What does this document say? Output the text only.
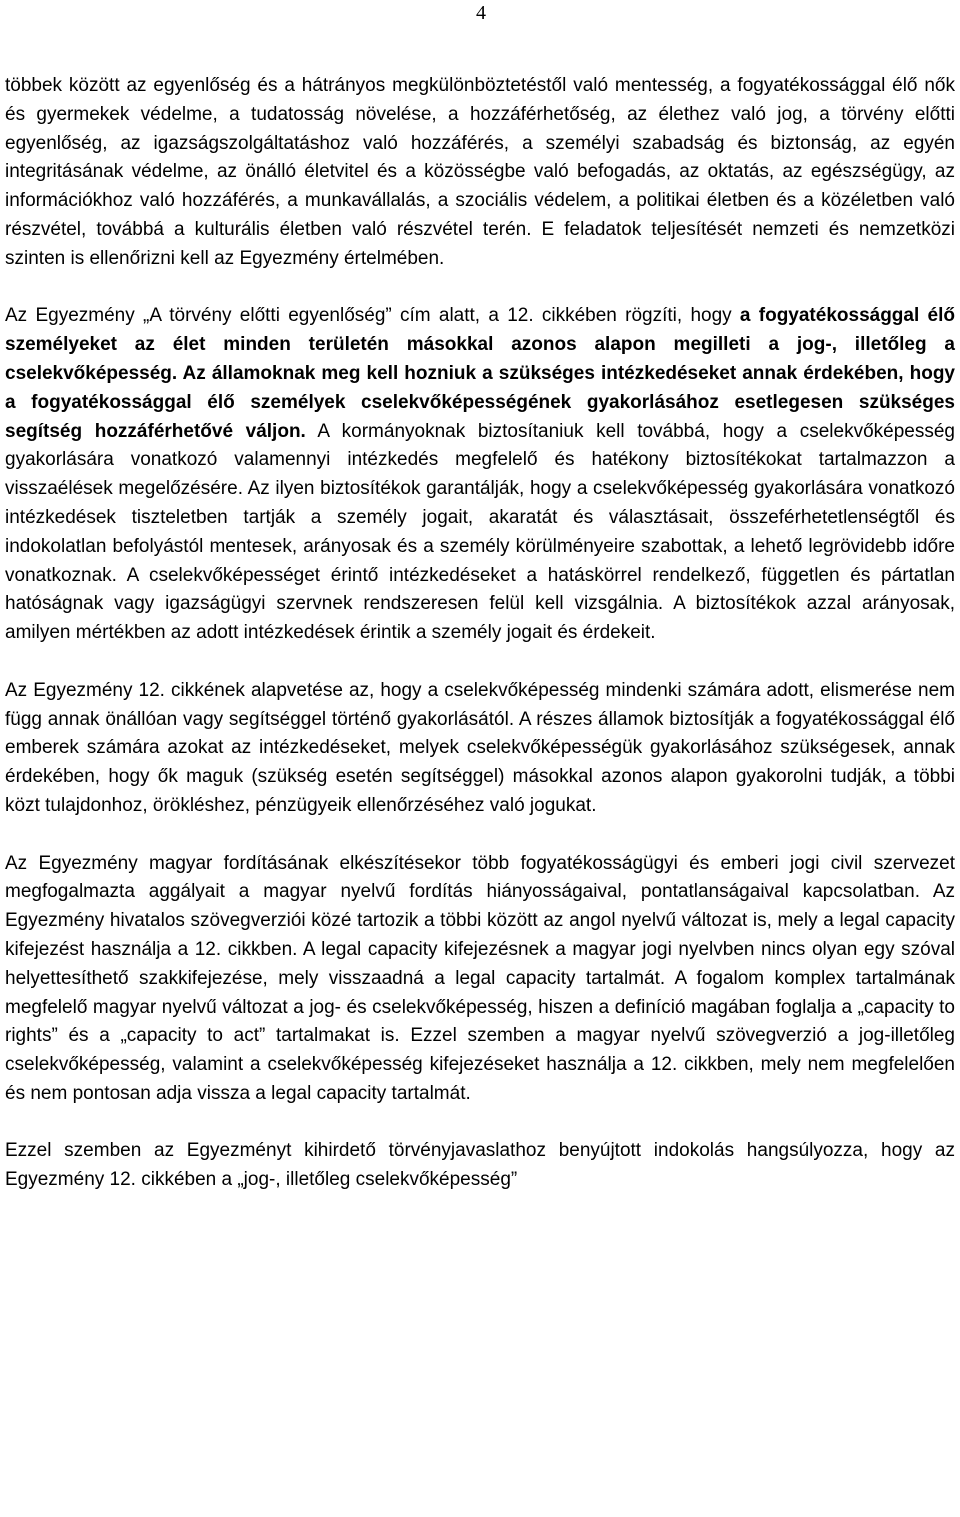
4

többek között az egyenlőség és a hátrányos megkülönböztetéstől való mentesség, a fogyatékossággal élő nők és gyermekek védelme, a tudatosság növelése, a hozzáférhetőség, az élethez való jog, a törvény előtti egyenlőség, az igazságszolgáltatáshoz való hozzáférés, a személyi szabadság és biztonság, az egyén integritásának védelme, az önálló életvitel és a közösségbe való befogadás, az oktatás, az egészségügy, az információkhoz való hozzáférés, a munkavállalás, a szociális védelem, a politikai életben és a közéletben való részvétel, továbbá a kulturális életben való részvétel terén. E feladatok teljesítését nemzeti és nemzetközi szinten is ellenőrizni kell az Egyezmény értelmében.

Az Egyezmény „A törvény előtti egyenlőség” cím alatt, a 12. cikkében rögzíti, hogy a fogyatékossággal élő személyeket az élet minden területén másokkal azonos alapon megilleti a jog-, illetőleg a cselekvőképesség. Az államoknak meg kell hozniuk a szükséges intézkedéseket annak érdekében, hogy a fogyatékossággal élő személyek cselekvőképességének gyakorlásához esetlegesen szükséges segítség hozzáférhetővé váljon. A kormányoknak biztosítaniuk kell továbbá, hogy a cselekvőképesség gyakorlására vonatkozó valamennyi intézkedés megfelelő és hatékony biztosítékokat tartalmazzon a visszaélések megelőzésére. Az ilyen biztosítékok garantálják, hogy a cselekvőképesség gyakorlására vonatkozó intézkedések tiszteletben tartják a személy jogait, akaratát és választásait, összeférhetetlenségtől és indokolatlan befolyástól mentesek, arányosak és a személy körülményeire szabottak, a lehető legrövidebb időre vonatkoznak. A cselekvőképességet érintő intézkedéseket a hatáskörrel rendelkező, független és pártatlan hatóságnak vagy igazságügyi szervnek rendszeresen felül kell vizsgálnia. A biztosítékok azzal arányosak, amilyen mértékben az adott intézkedések érintik a személy jogait és érdekeit.

Az Egyezmény 12. cikkének alapvetése az, hogy a cselekvőképesség mindenki számára adott, elismerése nem függ annak önállóan vagy segítséggel történő gyakorlásától. A részes államok biztosítják a fogyatékossággal élő emberek számára azokat az intézkedéseket, melyek cselekvőképességük gyakorlásához szükségesek, annak érdekében, hogy ők maguk (szükség esetén segítséggel) másokkal azonos alapon gyakorolni tudják, a többi közt tulajdonhoz, örökléshez, pénzügyeik ellenőrzéséhez való jogukat.

Az Egyezmény magyar fordításának elkészítésekor több fogyatékosságügyi és emberi jogi civil szervezet megfogalmazta aggályait a magyar nyelvű fordítás hiányosságaival, pontatlanságaival kapcsolatban. Az Egyezmény hivatalos szövegverziói közé tartozik a többi között az angol nyelvű változat is, mely a legal capacity kifejezést használja a 12. cikkben. A legal capacity kifejezésnek a magyar jogi nyelvben nincs olyan egy szóval helyettesíthető szakkifejezése, mely visszaadná a legal capacity tartalmát. A fogalom komplex tartalmának megfelelő magyar nyelvű változat a jog- és cselekvőképesség, hiszen a definíció magában foglalja a „capacity to rights” és a „capacity to act” tartalmakat is. Ezzel szemben a magyar nyelvű szövegverzió a jog-illetőleg cselekvőképesség, valamint a cselekvőképesség kifejezéseket használja a 12. cikkben, mely nem megfelelően és nem pontosan adja vissza a legal capacity tartalmát.

Ezzel szemben az Egyezményt kihirdető törvényjavaslathoz benyújtott indokolás hangsúlyozza, hogy az Egyezmény 12. cikkében a „jog-, illetőleg cselekvőképesség”
